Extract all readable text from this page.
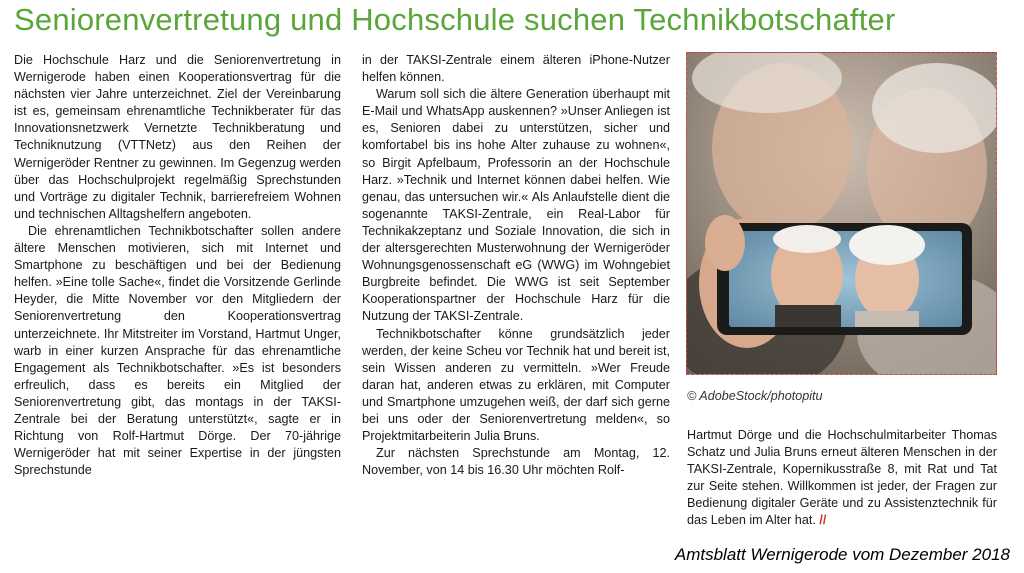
Seniorenvertretung und Hochschule suchen Technikbotschafter

Die Hochschule Harz und die Seniorenvertretung in Wernigerode haben einen Kooperationsvertrag für die nächsten vier Jahre unterzeichnet. Ziel der Vereinbarung ist es, gemeinsam ehrenamtliche Technikberater für das Innovationsnetzwerk Vernetzte Technikberatung und Techniknutzung (VTTNetz) aus den Reihen der Wernigeröder Rentner zu gewinnen. Im Gegenzug werden über das Hochschulprojekt regelmäßig Sprechstunden und Vorträge zu digitaler Technik, barrierefreiem Wohnen und technischen Alltagshelfern angeboten.

Die ehrenamtlichen Technikbotschafter sollen andere ältere Menschen motivieren, sich mit Internet und Smartphone zu beschäftigen und bei der Bedienung helfen. »Eine tolle Sache«, findet die Vorsitzende Gerlinde Heyder, die Mitte November vor den Mitgliedern der Seniorenvertretung den Kooperationsvertrag unterzeichnete. Ihr Mitstreiter im Vorstand, Hartmut Unger, warb in einer kurzen Ansprache für das ehrenamtliche Engagement als Technikbotschafter. »Es ist besonders erfreulich, dass es bereits ein Mitglied der Seniorenvertretung gibt, das montags in der TAKSI-Zentrale bei der Beratung unterstützt«, sagte er in Richtung von Rolf-Hartmut Dörge. Der 70-jährige Wernigeröder hat mit seiner Expertise in der jüngsten Sprechstunde

in der TAKSI-Zentrale einem älteren iPhone-Nutzer helfen können.

Warum soll sich die ältere Generation überhaupt mit E-Mail und WhatsApp auskennen? »Unser Anliegen ist es, Senioren dabei zu unterstützen, sicher und komfortabel bis ins hohe Alter zuhause zu wohnen«, so Birgit Apfelbaum, Professorin an der Hochschule Harz. »Technik und Internet können dabei helfen. Wie genau, das untersuchen wir.« Als Anlaufstelle dient die sogenannte TAKSI-Zentrale, ein Real-Labor für Technikakzeptanz und Soziale Innovation, die sich in der altersgerechten Musterwohnung der Wernigeröder Wohnungsgenossenschaft eG (WWG) im Wohngebiet Burgbreite befindet. Die WWG ist seit September Kooperationspartner der Hochschule Harz für die Nutzung der TAKSI-Zentrale.

Technikbotschafter könne grundsätzlich jeder werden, der keine Scheu vor Technik hat und bereit ist, sein Wissen anderen zu vermitteln. »Wer Freude daran hat, anderen etwas zu erklären, mit Computer und Smartphone umzugehen weiß, der darf sich gerne bei uns oder der Seniorenvertretung melden«, so Projektmitarbeiterin Julia Bruns.

Zur nächsten Sprechstunde am Montag, 12. November, von 14 bis 16.30 Uhr möchten Rolf-

© AdobeStock/photopitu

Hartmut Dörge und die Hochschulmitarbeiter Thomas Schatz und Julia Bruns erneut älteren Menschen in der TAKSI-Zentrale, Kopernikusstraße 8, mit Rat und Tat zur Seite stehen. Willkommen ist jeder, der Fragen zur Bedienung digitaler Geräte und zu Assistenztechnik für das Leben im Alter hat. //

Amtsblatt Wernigerode vom Dezember 2018
